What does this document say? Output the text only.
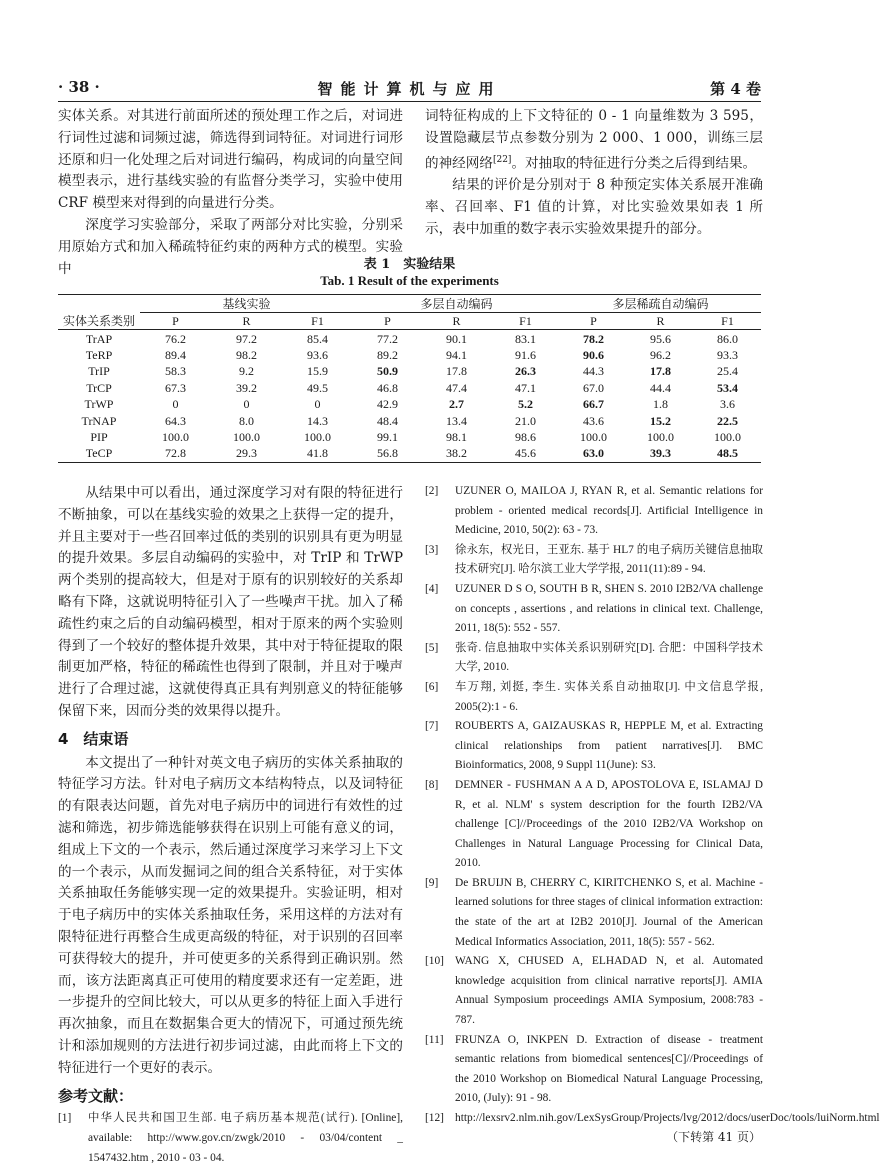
· 38 ·	智能计算机与应用	第 4 卷

实体关系。对其进行前面所述的预处理工作之后，对词进行词性过滤和词频过滤，筛选得到词特征。对词进行词形还原和归一化处理之后对词进行编码，构成词的向量空间模型表示，进行基线实验的有监督分类学习，实验中使用 CRF 模型来对得到的向量进行分类。

深度学习实验部分，采取了两部分对比实验，分别采用原始方式和加入稀疏特征约束的两种方式的模型。实验中

词特征构成的上下文特征的 0 - 1 向量维数为 3 595，设置隐藏层节点参数分别为 2 000、1 000，训练三层的神经网络[22]。对抽取的特征进行分类之后得到结果。

结果的评价是分别对于 8 种预定实体关系展开准确率、召回率、F1 值的计算，对比实验效果如表 1 所示，表中加重的数字表示实验效果提升的部分。

表 1　实验结果
Tab. 1 Result of the experiments
	基线实验			多层自动编码			多层稀疏自动编码		
实体关系类别	P	R	F1	P	R	F1	P	R	F1
TrAP	76.2	97.2	85.4	77.2	90.1	83.1	78.2	95.6	86.0
TeRP	89.4	98.2	93.6	89.2	94.1	91.6	90.6	96.2	93.3
TrIP	58.3	9.2	15.9	50.9	17.8	26.3	44.3	17.8	25.4
TrCP	67.3	39.2	49.5	46.8	47.4	47.1	67.0	44.4	53.4
TrWP	0	0	0	42.9	2.7	5.2	66.7	1.8	3.6
TrNAP	64.3	8.0	14.3	48.4	13.4	21.0	43.6	15.2	22.5
PIP	100.0	100.0	100.0	99.1	98.1	98.6	100.0	100.0	100.0
TeCP	72.8	29.3	41.8	56.8	38.2	45.6	63.0	39.3	48.5

从结果中可以看出，通过深度学习对有限的特征进行不断抽象，可以在基线实验的效果之上获得一定的提升，并且主要对于一些召回率过低的类别的识别具有更为明显的提升效果。多层自动编码的实验中，对 TrIP 和 TrWP 两个类别的提高较大，但是对于原有的识别较好的关系却略有下降，这就说明特征引入了一些噪声干扰。加入了稀疏性约束之后的自动编码模型，相对于原来的两个实验则得到了一个较好的整体提升效果，其中对于特征提取的限制更加严格，特征的稀疏性也得到了限制，并且对于噪声进行了合理过滤，这就使得真正具有判别意义的特征能够保留下来，因而分类的效果得以提升。

4　结束语

本文提出了一种针对英文电子病历的实体关系抽取的特征学习方法。针对电子病历文本结构特点，以及词特征的有限表达问题，首先对电子病历中的词进行有效性的过滤和筛选，初步筛选能够获得在识别上可能有意义的词，组成上下文的一个表示，然后通过深度学习来学习上下文的一个表示，从而发掘词之间的组合关系特征，对于实体关系抽取任务能够实现一定的效果提升。实验证明，相对于电子病历中的实体关系抽取任务，采用这样的方法对有限特征进行再整合生成更高级的特征，对于识别的召回率可获得较大的提升，并可使更多的关系得到正确识别。然而，该方法距离真正可使用的精度要求还有一定差距，进一步提升的空间比较大，可以从更多的特征上面入手进行再次抽象，而且在数据集合更大的情况下，可通过预先统计和添加规则的方法进行初步词过滤，由此而将上下文的特征进行一个更好的表示。

参考文献：

[1] 中华人民共和国卫生部. 电子病历基本规范(试行). [Online], available: http://www.gov.cn/zwgk/2010 - 03/04/content _ 1547432.htm , 2010 - 03 - 04.

[2] UZUNER O, MAILOA J, RYAN R, et al. Semantic relations for problem - oriented medical records[J]. Artificial Intelligence in Medicine, 2010, 50(2): 63 - 73.

[3] 徐永东，权光日，王亚东. 基于 HL7 的电子病历关键信息抽取技术研究[J]. 哈尔滨工业大学学报, 2011(11):89 - 94.

[4] UZUNER D S O, SOUTH B R, SHEN S. 2010 I2B2/VA challenge on concepts , assertions , and relations in clinical text. Challenge, 2011, 18(5): 552 - 557.

[5] 张奇. 信息抽取中实体关系识别研究[D]. 合肥：中国科学技术大学, 2010.

[6] 车万翔, 刘挺, 李生. 实体关系自动抽取[J]. 中文信息学报, 2005(2):1 - 6.

[7] ROUBERTS A, GAIZAUSKAS R, HEPPLE M, et al. Extracting clinical relationships from patient narratives[J]. BMC Bioinformatics, 2008, 9 Suppl 11(June): S3.

[8] DEMNER - FUSHMAN A A D, APOSTOLOVA E, ISLAMAJ D R, et al. NLM' s system description for the fourth I2B2/VA challenge [C]//Proceedings of the 2010 I2B2/VA Workshop on Challenges in Natural Language Processing for Clinical Data, 2010.

[9] De BRUIJN B, CHERRY C, KIRITCHENKO S, et al. Machine - learned solutions for three stages of clinical information extraction: the state of the art at I2B2 2010[J]. Journal of the American Medical Informatics Association, 2011, 18(5): 557 - 562.

[10] WANG X, CHUSED A, ELHADAD N, et al. Automated knowledge acquisition from clinical narrative reports[J]. AMIA Annual Symposium proceedings AMIA Symposium, 2008:783 - 787.

[11] FRUNZA O, INKPEN D. Extraction of disease - treatment semantic relations from biomedical sentences[C]//Proceedings of the 2010 Workshop on Biomedical Natural Language Processing, 2010, (July): 91 - 98.

[12] http://lexsrv2.nlm.nih.gov/LexSysGroup/Projects/lvg/2012/docs/userDoc/tools/luiNorm.html

（下转第 41 页）
